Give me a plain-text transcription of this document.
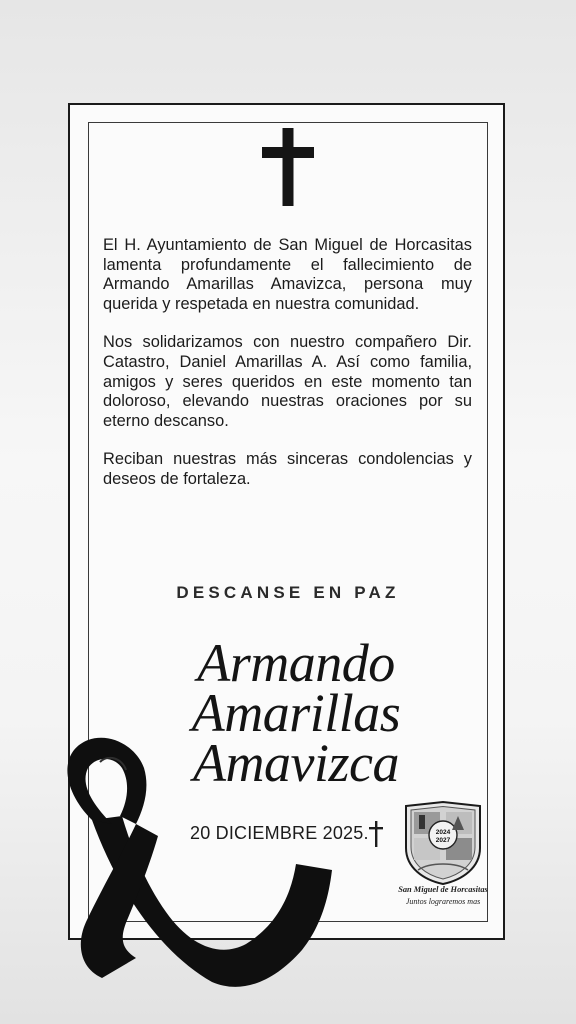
El H. Ayuntamiento de San Miguel de Horcasitas lamenta profundamente el fallecimiento de Armando Amarillas Amavizca, persona muy querida y respetada en nuestra comunidad.

Nos solidarizamos con nuestro compañero Dir. Catastro, Daniel Amarillas A. Así como familia, amigos y seres queridos en este momento tan doloroso, elevando nuestras oraciones por su eterno descanso.

Reciban nuestras más sinceras condolencias y deseos de fortaleza.

DESCANSE EN PAZ
Armando
Amarillas
Amavizca
20 DICIEMBRE 2025.	2024
2027
San Miguel de Horcasitas
Juntos lograremos mas
